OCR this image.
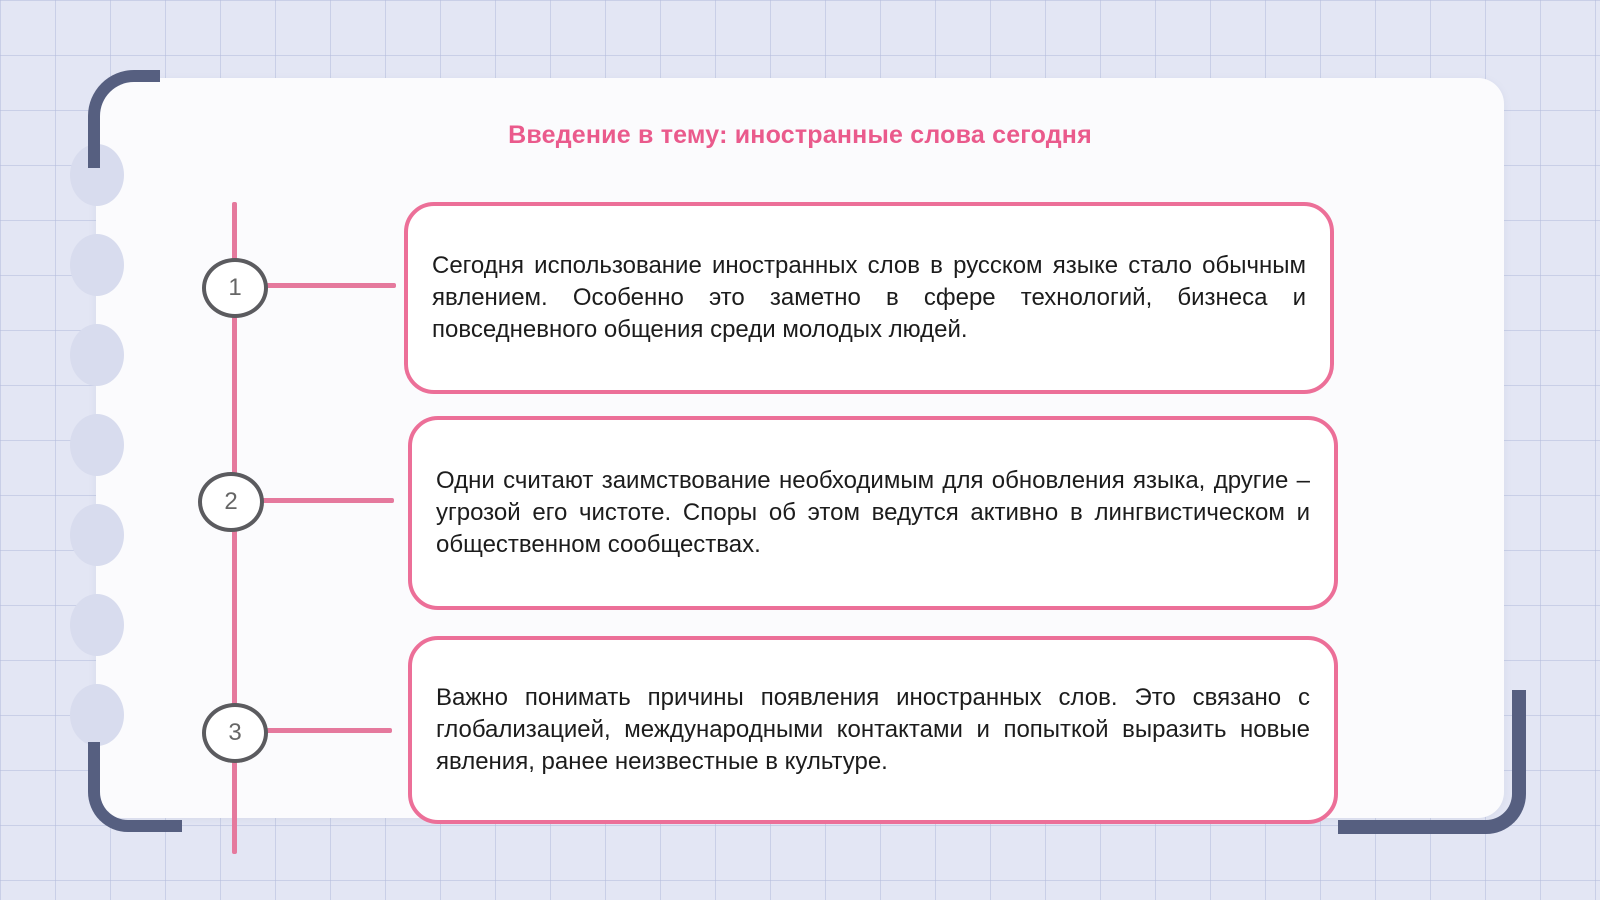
Введение в тему: иностранные слова сегодня
1
Сегодня использование иностранных слов в русском языке стало обычным явлением. Особенно это заметно в сфере технологий, бизнеса и повседневного общения среди молодых людей.
2
Одни считают заимствование необходимым для обновления языка, другие – угрозой его чистоте. Споры об этом ведутся активно в лингвистическом и общественном сообществах.
3
Важно понимать причины появления иностранных слов. Это связано с глобализацией, международными контактами и попыткой выразить новые явления, ранее неизвестные в культуре.
